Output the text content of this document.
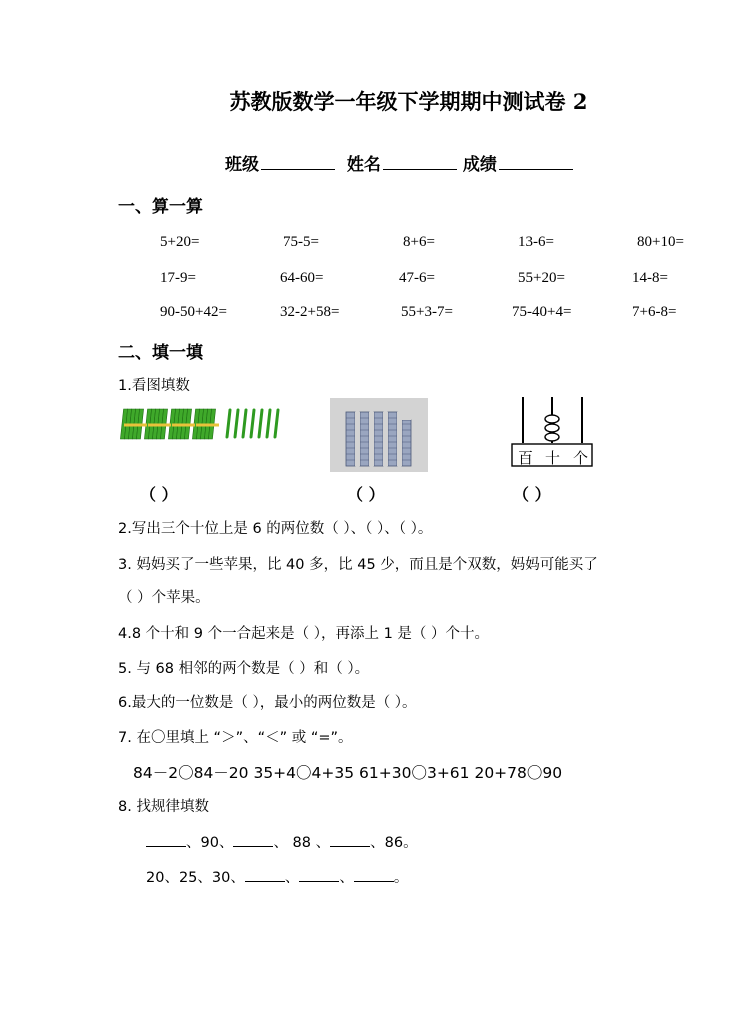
苏教版数学一年级下学期期中测试卷 2
班级	姓名	成绩
一、算一算
5+20=	75-5=	8+6=	13-6=	80+10=
17-9=	64-60=	47-6=	55+20=	14-8=
90-50+42=	32-2+58=	55+3-7=	75-40+4=	7+6-8=
二、填一填
1.看图填数
百 十 个
（ ）	（ ）	（ ）
2.写出三个十位上是 6 的两位数（ ）、（ ）、（ ）。
3. 妈妈买了一些苹果，比 40 多，比 45 少，而且是个双数，妈妈可能买了
（ ）个苹果。
4.8 个十和 9 个一合起来是（ ），再添上 1 是（ ）个十。
5. 与 68 相邻的两个数是（ ）和（ ）。
6.最大的一位数是（ ），最小的两位数是（ ）。
7. 在〇里填上 “＞”、“＜” 或 “=”。
84－2〇84－20 35+4〇4+35 61+30〇3+61 20+78〇90
8. 找规律填数
、90、	、 88 、	、86。
20、25、30、	、	、	。
